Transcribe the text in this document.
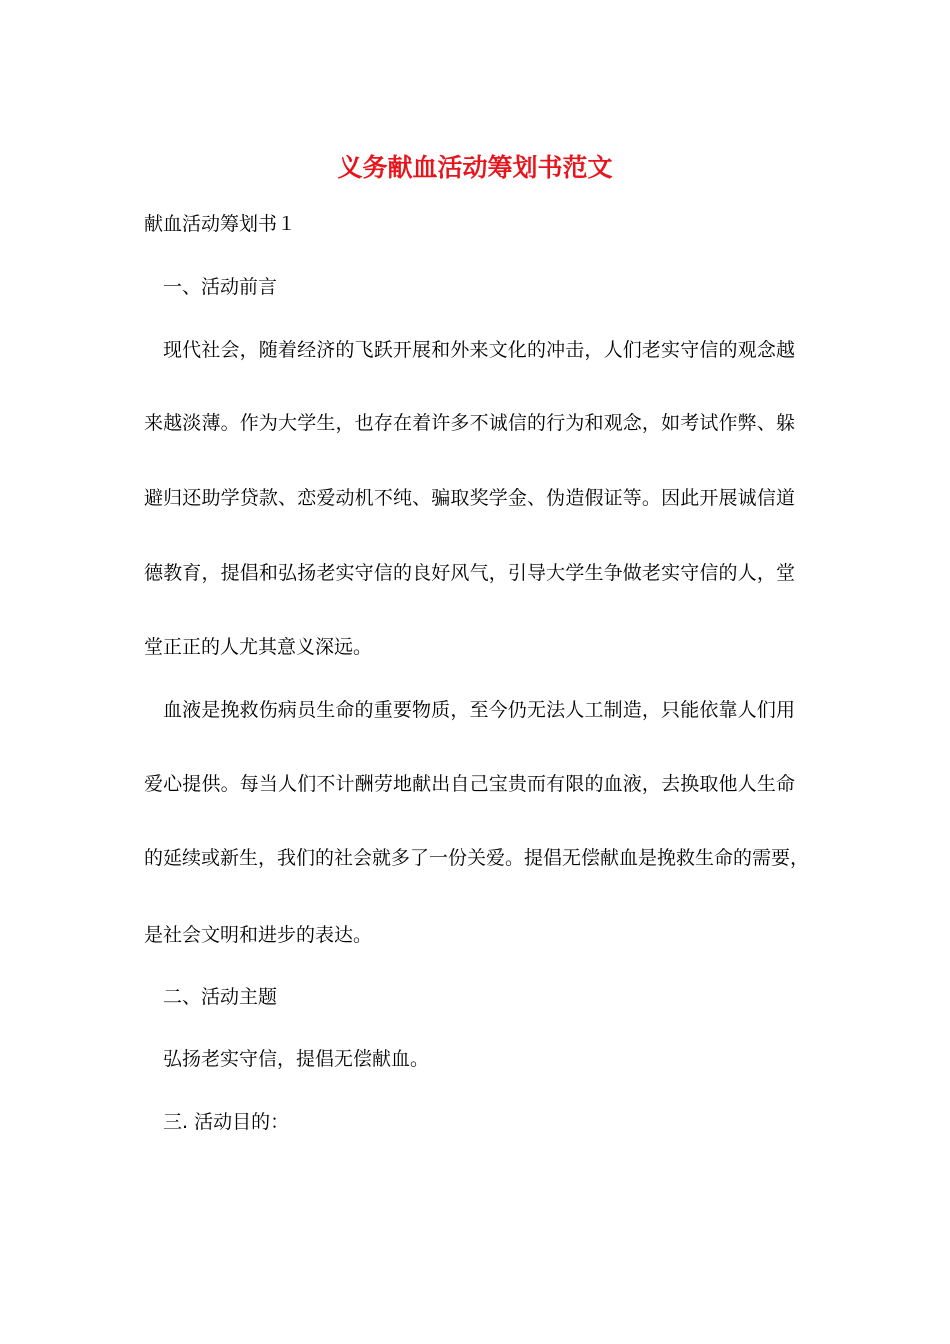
义务献血活动筹划书范文

献血活动筹划书１

一、活动前言

现代社会，随着经济的飞跃开展和外来文化的冲击，人们老实守信的观念越

来越淡薄。作为大学生，也存在着许多不诚信的行为和观念，如考试作弊、躲

避归还助学贷款、恋爱动机不纯、骗取奖学金、伪造假证等。因此开展诚信道

德教育，提倡和弘扬老实守信的良好风气，引导大学生争做老实守信的人，堂

堂正正的人尤其意义深远。

血液是挽救伤病员生命的重要物质，至今仍无法人工制造，只能依靠人们用

爱心提供。每当人们不计酬劳地献出自己宝贵而有限的血液，去换取他人生命

的延续或新生，我们的社会就多了一份关爱。提倡无偿献血是挽救生命的需要，

是社会文明和进步的表达。

二、活动主题

弘扬老实守信，提倡无偿献血。

三. 活动目的：
